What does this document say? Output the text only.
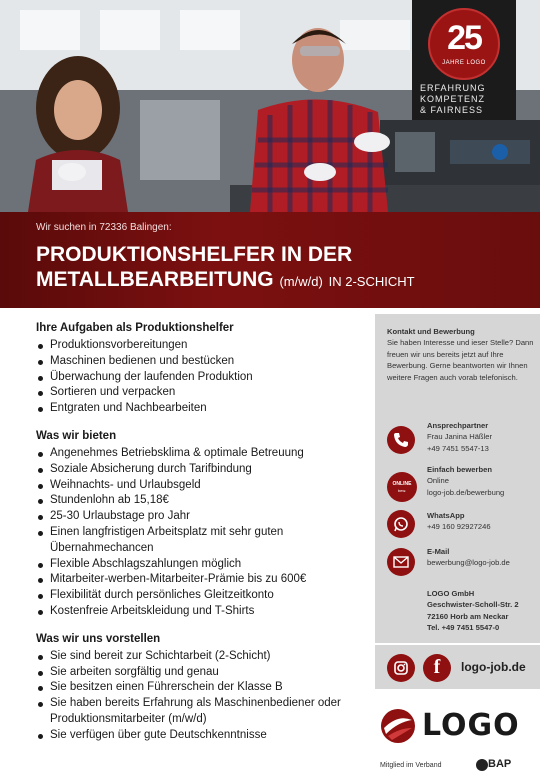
25
JAHRE LOGO
ERFAHRUNG
KOMPETENZ
& FAIRNESS
Wir suchen in 72336 Balingen:
PRODUKTIONSHELFER IN DER
METALLBEARBEITUNG (m/w/d) IN 2-SCHICHT
Ihre Aufgaben als Produktionshelfer
Produktionsvorbereitungen
Maschinen bedienen und bestücken
Überwachung der laufenden Produktion
Sortieren und verpacken
Entgraten und Nachbearbeiten
Was wir bieten
Angenehmes Betriebsklima & optimale Betreuung
Soziale Absicherung durch Tarifbindung
Weihnachts- und Urlaubsgeld
Stundenlohn ab 15,18€
25-30 Urlaubstage pro Jahr
Einen langfristigen Arbeitsplatz mit sehr guten Übernahmechancen
Flexible Abschlagszahlungen möglich
Mitarbeiter-werben-Mitarbeiter-Prämie bis zu 600€
Flexibilität durch persönliches Gleitzeitkonto
Kostenfreie Arbeitskleidung und T-Shirts
Was wir uns vorstellen
Sie sind bereit zur Schichtarbeit (2-Schicht)
Sie arbeiten sorgfältig und genau
Sie besitzen einen Führerschein der Klasse B
Sie haben bereits Erfahrung als Maschinenbediener oder Produktionsmitarbeiter (m/w/d)
Sie verfügen über gute Deutschkenntnisse
Kontakt und Bewerbung
Sie haben Interesse und ieser Stelle? Dann freuen wir uns bereits jetzt auf Ihre Bewerbung. Gerne beantworten wir Ihnen weitere Fragen auch vorab telefonisch.
Ansprechpartner
Frau Janina Häßler
+49 7451 5547-13
ONLINE
bew.
Einfach bewerben
Online
logo-job.de/bewerbung
WhatsApp
+49 160 92927246
E-Mail
bewerbung@logo-job.de
LOGO GmbH
Geschwister-Scholl-Str. 2
72160 Horb am Neckar
Tel. +49 7451 5547-0
f	logo-job.de
LOGO
Mitglied im Verband	BAP
